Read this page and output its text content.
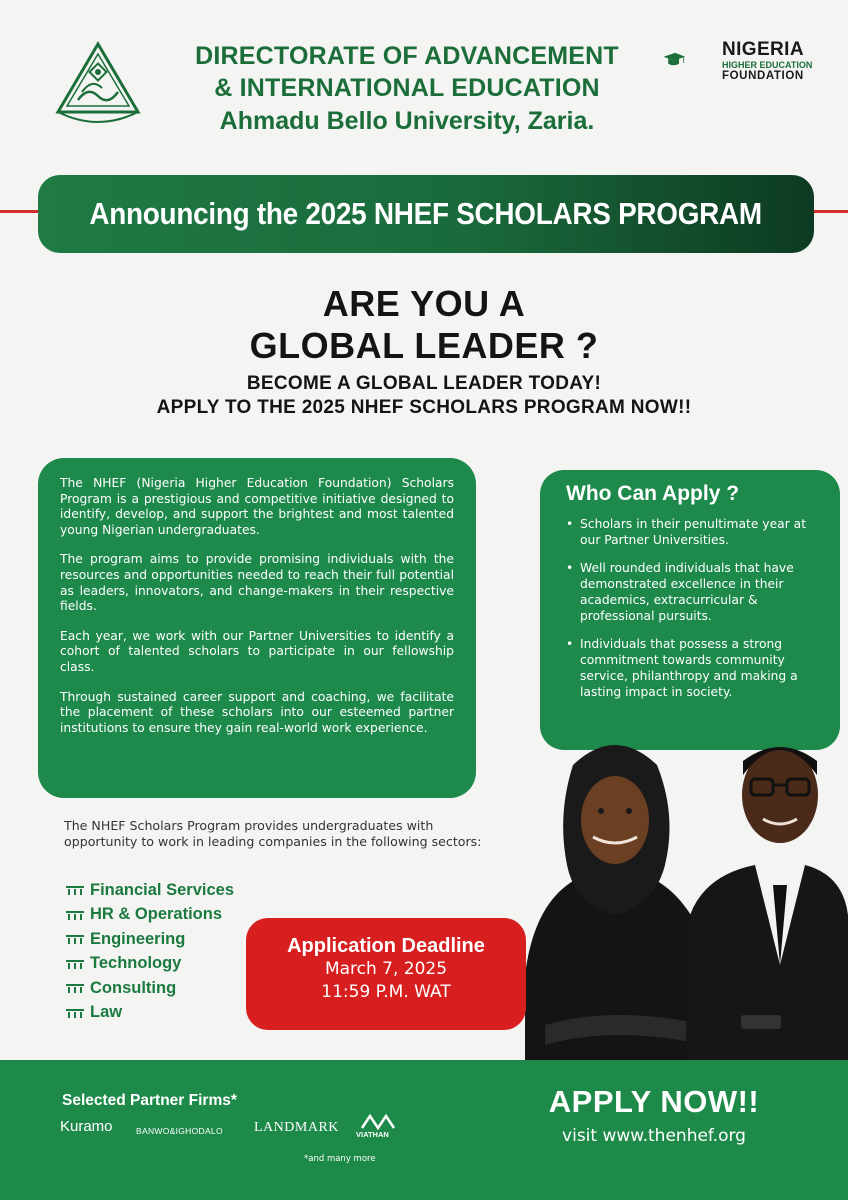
DIRECTORATE OF ADVANCEMENT
& INTERNATIONAL EDUCATION
Ahmadu Bello University, Zaria.
NIGERIA
HIGHER EDUCATION
FOUNDATION
Announcing the 2025 NHEF SCHOLARS PROGRAM
ARE YOU A
GLOBAL LEADER ?
BECOME A GLOBAL LEADER TODAY!
APPLY TO THE 2025 NHEF SCHOLARS PROGRAM NOW!!

The NHEF (Nigeria Higher Education Foundation) Scholars Program is a prestigious and competitive initiative designed to identify, develop, and support the brightest and most talented young Nigerian undergraduates.

The program aims to provide promising individuals with the resources and opportunities needed to reach their full potential as leaders, innovators, and change-makers in their respective fields.

Each year, we work with our Partner Universities to identify a cohort of talented scholars to participate in our fellowship class.

Through sustained career support and coaching, we facilitate the placement of these scholars into our esteemed partner institutions to ensure they gain real-world work experience.

Who Can Apply ?
• Scholars in their penultimate year at our Partner Universities.
• Well rounded individuals that have demonstrated excellence in their academics, extracurricular & professional pursuits.
• Individuals that possess a strong commitment towards community service, philanthropy and making a lasting impact in society.
The NHEF Scholars Program provides undergraduates with opportunity to work in leading companies in the following sectors:
Financial Services
HR & Operations
Engineering
Technology
Consulting
Law
Application Deadline
March 7, 2025
11:59 P.M. WAT
Selected Partner Firms*
Kuramo	BANWO&IGHODALO LANDMARK VIATHAN
*and many more
APPLY NOW!!
visit www.thenhef.org
